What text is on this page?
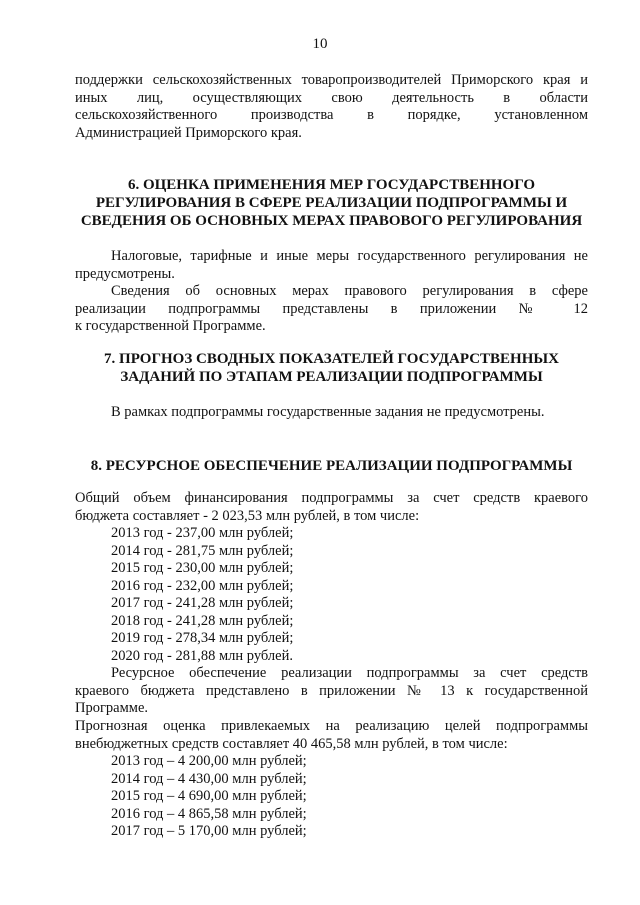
10

поддержки сельскохозяйственных товаропроизводителей Приморского края и

иных лиц, осуществляющих свою деятельность в области

сельскохозяйственного производства в порядке, установленном

Администрацией Приморского края.

6. ОЦЕНКА ПРИМЕНЕНИЯ МЕР ГОСУДАРСТВЕННОГО

РЕГУЛИРОВАНИЯ В СФЕРЕ РЕАЛИЗАЦИИ ПОДПРОГРАММЫ И

СВЕДЕНИЯ ОБ ОСНОВНЫХ МЕРАХ ПРАВОВОГО РЕГУЛИРОВАНИЯ

Налоговые, тарифные и иные меры государственного регулирования не

предусмотрены.

Сведения об основных мерах правового регулирования в сфере

реализации подпрограммы представлены в приложении № 12

к государственной Программе.

7. ПРОГНОЗ СВОДНЫХ ПОКАЗАТЕЛЕЙ ГОСУДАРСТВЕННЫХ

ЗАДАНИЙ ПО ЭТАПАМ РЕАЛИЗАЦИИ ПОДПРОГРАММЫ

В рамках подпрограммы государственные задания не предусмотрены.

8. РЕСУРСНОЕ ОБЕСПЕЧЕНИЕ РЕАЛИЗАЦИИ ПОДПРОГРАММЫ

Общий объем финансирования подпрограммы за счет средств краевого

бюджета составляет - 2 023,53 млн рублей, в том числе:

2013 год - 237,00 млн рублей;

2014 год - 281,75 млн рублей;

2015 год - 230,00 млн рублей;

2016 год - 232,00 млн рублей;

2017 год - 241,28 млн рублей;

2018 год - 241,28 млн рублей;

2019 год - 278,34 млн рублей;

2020 год - 281,88 млн рублей.

Ресурсное обеспечение реализации подпрограммы за счет средств

краевого бюджета представлено в приложении № 13 к государственной

Программе.

Прогнозная оценка привлекаемых на реализацию целей подпрограммы

внебюджетных средств составляет 40 465,58 млн рублей, в том числе:

2013 год – 4 200,00 млн рублей;

2014 год – 4 430,00 млн рублей;

2015 год – 4 690,00 млн рублей;

2016 год – 4 865,58 млн рублей;

2017 год – 5 170,00 млн рублей;
